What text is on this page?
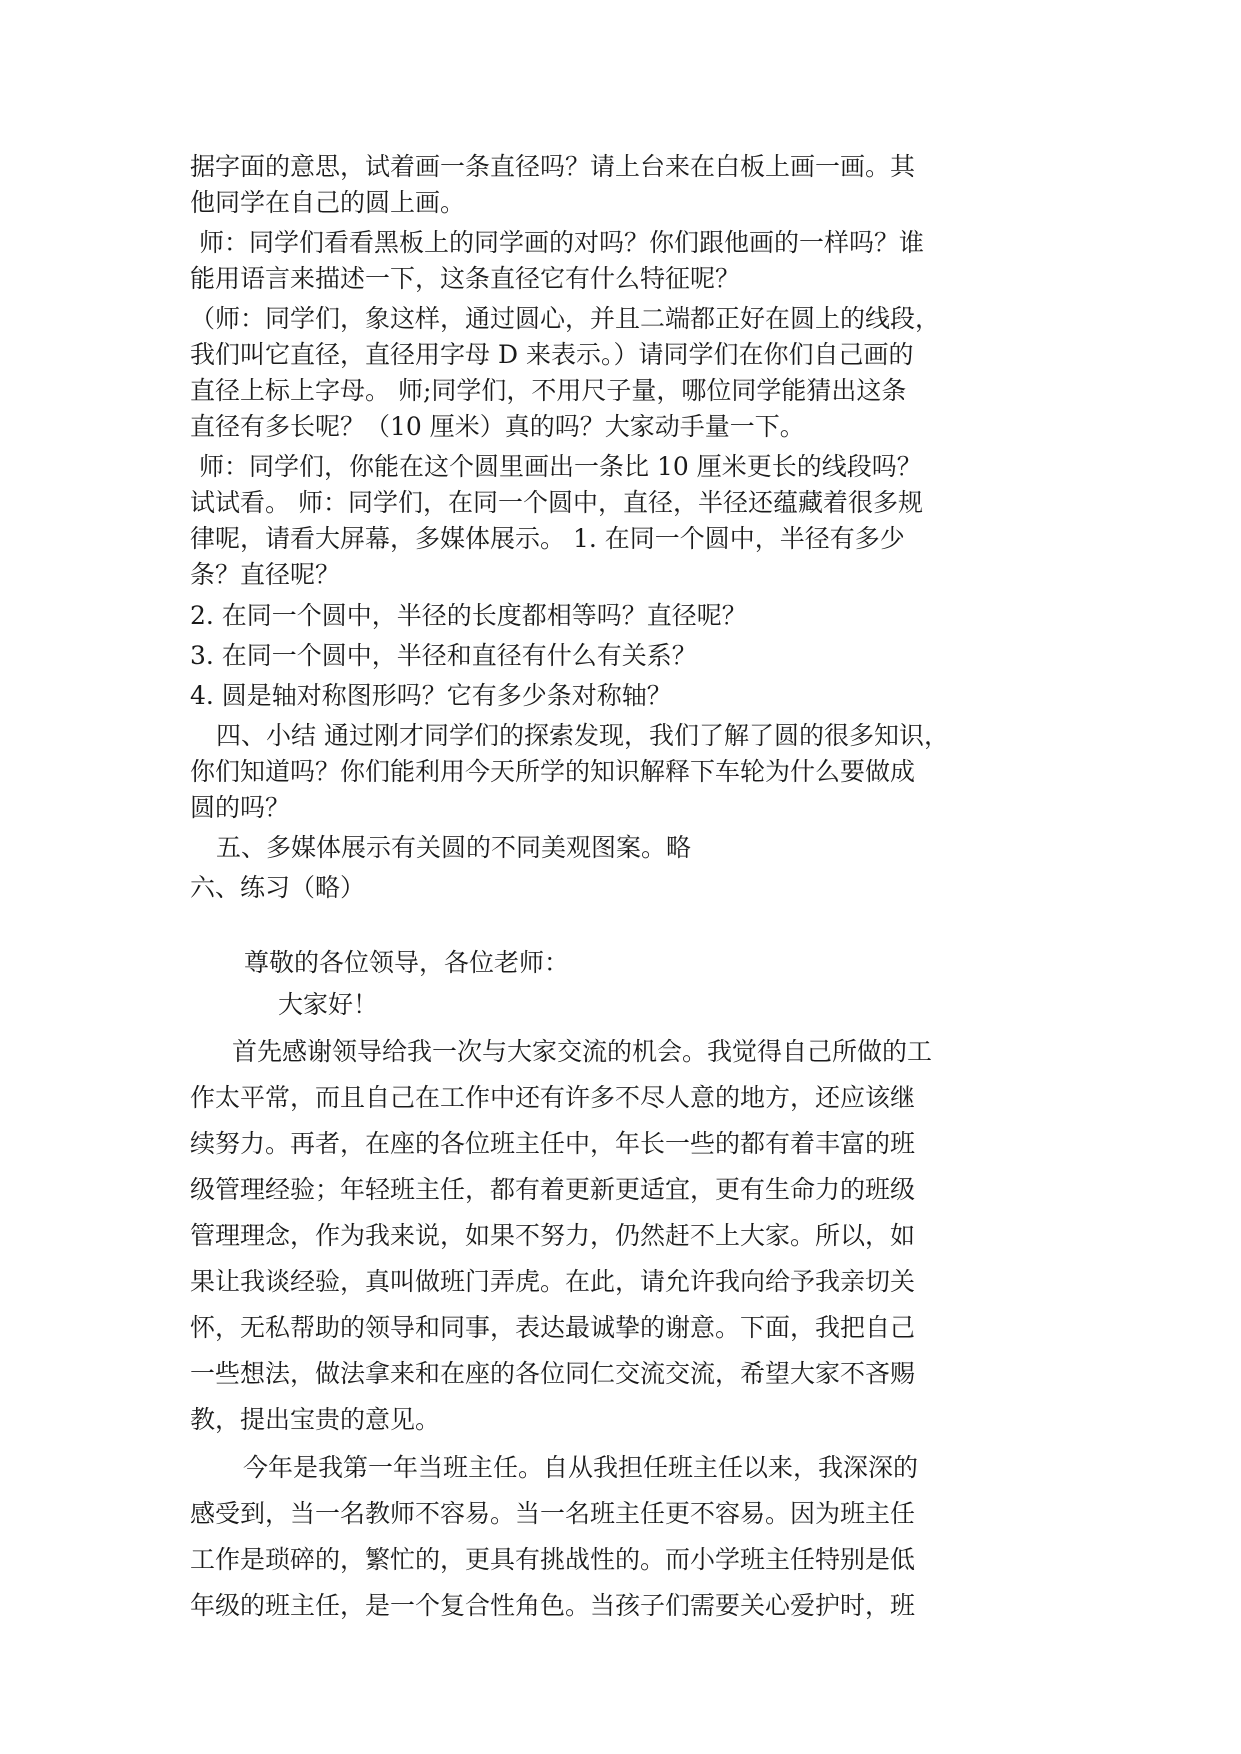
据字面的意思，试着画一条直径吗？请上台来在白板上画一画。其

他同学在自己的圆上画。

师：同学们看看黑板上的同学画的对吗？你们跟他画的一样吗？谁

能用语言来描述一下，这条直径它有什么特征呢？

（师：同学们，象这样，通过圆心，并且二端都正好在圆上的线段，

我们叫它直径，直径用字母 D 来表示。）请同学们在你们自己画的

直径上标上字母。 师;同学们，不用尺子量，哪位同学能猜出这条

直径有多长呢？（10 厘米）真的吗？大家动手量一下。

师：同学们，你能在这个圆里画出一条比 10 厘米更长的线段吗？

试试看。 师：同学们，在同一个圆中，直径，半径还蕴藏着很多规

律呢，请看大屏幕，多媒体展示。 1. 在同一个圆中，半径有多少

条？直径呢？

2. 在同一个圆中，半径的长度都相等吗？直径呢？

3. 在同一个圆中，半径和直径有什么有关系？

4. 圆是轴对称图形吗？它有多少条对称轴？

四、小结 通过刚才同学们的探索发现，我们了解了圆的很多知识，

你们知道吗？你们能利用今天所学的知识解释下车轮为什么要做成

圆的吗？

五、多媒体展示有关圆的不同美观图案。略

六、练习（略）

尊敬的各位领导，各位老师：

大家好！

首先感谢领导给我一次与大家交流的机会。我觉得自己所做的工

作太平常，而且自己在工作中还有许多不尽人意的地方，还应该继

续努力。再者，在座的各位班主任中，年长一些的都有着丰富的班

级管理经验；年轻班主任，都有着更新更适宜，更有生命力的班级

管理理念，作为我来说，如果不努力，仍然赶不上大家。所以，如

果让我谈经验，真叫做班门弄虎。在此，请允许我向给予我亲切关

怀，无私帮助的领导和同事，表达最诚挚的谢意。下面，我把自己

一些想法，做法拿来和在座的各位同仁交流交流，希望大家不吝赐

教，提出宝贵的意见。

今年是我第一年当班主任。自从我担任班主任以来，我深深的

感受到，当一名教师不容易。当一名班主任更不容易。因为班主任

工作是琐碎的，繁忙的，更具有挑战性的。而小学班主任特别是低

年级的班主任，是一个复合性角色。当孩子们需要关心爱护时，班
